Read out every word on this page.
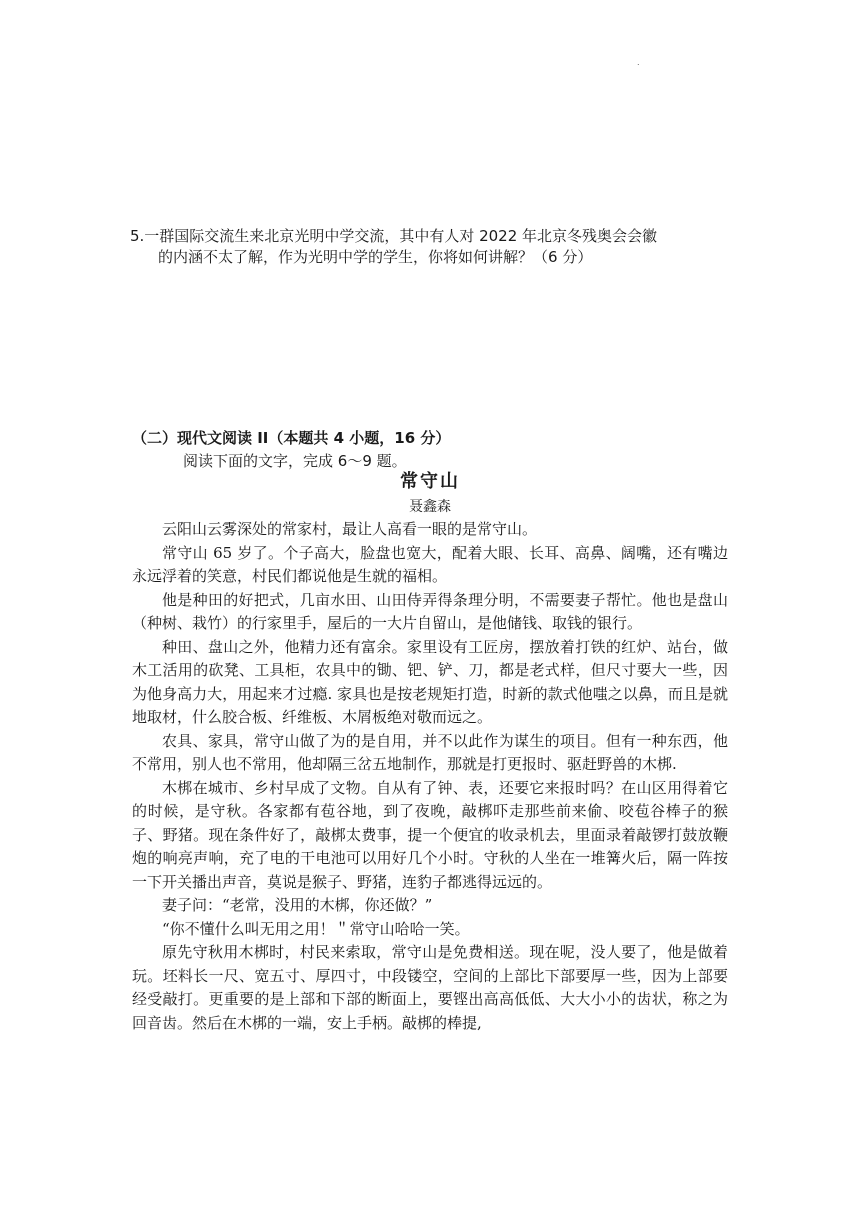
.
5.一群国际交流生来北京光明中学交流，其中有人对 2022 年北京冬残奥会会徽
的内涵不太了解，作为光明中学的学生，你将如何讲解？（6 分）
（二）现代文阅读 II（本题共 4 小题，16 分）
阅读下面的文字，完成 6～9 题。
常守山
聂鑫森

云阳山云雾深处的常家村，最让人高看一眼的是常守山。

常守山 65 岁了。个子高大，脸盘也宽大，配着大眼、长耳、高鼻、阔嘴，还有嘴边永远浮着的笑意，村民们都说他是生就的福相。

他是种田的好把式，几亩水田、山田侍弄得条理分明，不需要妻子帮忙。他也是盘山（种树、栽竹）的行家里手，屋后的一大片自留山，是他储钱、取钱的银行。

种田、盘山之外，他精力还有富余。家里设有工匠房，摆放着打铁的红炉、站台，做木工活用的砍凳、工具柜，农具中的锄、钯、铲、刀，都是老式样，但尺寸要大一些，因为他身高力大，用起来才过瘾. 家具也是按老规矩打造，时新的款式他嗤之以鼻，而且是就地取材，什么胶合板、纤维板、木屑板绝对敬而远之。

农具、家具，常守山做了为的是自用，并不以此作为谋生的项目。但有一种东西，他不常用，别人也不常用，他却隔三岔五地制作，那就是打更报时、驱赶野兽的木梆.

木梆在城市、乡村早成了文物。自从有了钟、表，还要它来报时吗？在山区用得着它的时候，是守秋。各家都有苞谷地，到了夜晚，敲梆吓走那些前来偷、咬苞谷棒子的猴子、野猪。现在条件好了，敲梆太费事，提一个便宜的收录机去，里面录着敲锣打鼓放鞭炮的响亮声响，充了电的干电池可以用好几个小时。守秋的人坐在一堆篝火后，隔一阵按一下开关播出声音，莫说是猴子、野猪，连豹子都逃得远远的。

妻子问：“老常，没用的木梆，你还做？”

“你不懂什么叫无用之用！＂常守山哈哈一笑。

原先守秋用木梆时，村民来索取，常守山是免费相送。现在呢，没人要了，他是做着玩。坯料长一尺、宽五寸、厚四寸，中段镂空，空间的上部比下部要厚一些，因为上部要经受敲打。更重要的是上部和下部的断面上，要铿出高高低低、大大小小的齿状，称之为回音齿。然后在木梆的一端，安上手柄。敲梆的棒提,
